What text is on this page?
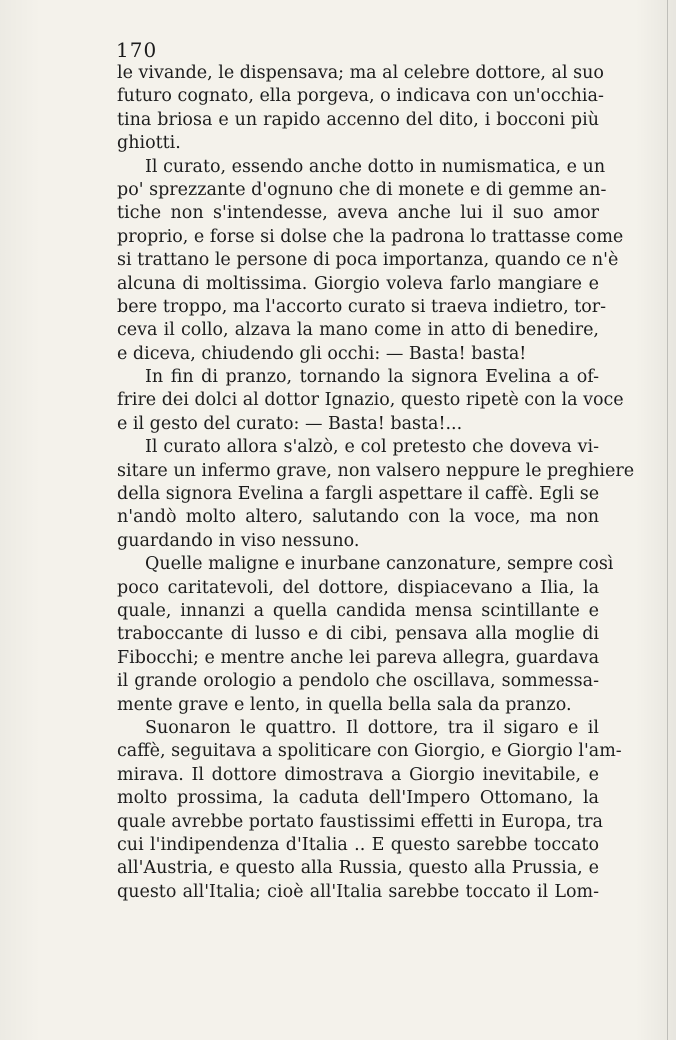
170
le vivande, le dispensava; ma al celebre dottore, al suo
futuro cognato, ella porgeva, o indicava con un'occhia-
tina briosa e un rapido accenno del dito, i bocconi più
ghiotti.
Il curato, essendo anche dotto in numismatica, e un
po' sprezzante d'ognuno che di monete e di gemme an-
tiche non s'intendesse, aveva anche lui il suo amor
proprio, e forse si dolse che la padrona lo trattasse come
si trattano le persone di poca importanza, quando ce n'è
alcuna di moltissima. Giorgio voleva farlo mangiare e
bere troppo, ma l'accorto curato si traeva indietro, tor-
ceva il collo, alzava la mano come in atto di benedire,
e diceva, chiudendo gli occhi: — Basta! basta!
In fin di pranzo, tornando la signora Evelina a of-
frire dei dolci al dottor Ignazio, questo ripetè con la voce
e il gesto del curato: — Basta! basta!...
Il curato allora s'alzò, e col pretesto che doveva vi-
sitare un infermo grave, non valsero neppure le preghiere
della signora Evelina a fargli aspettare il caffè. Egli se
n'andò molto altero, salutando con la voce, ma non
guardando in viso nessuno.
Quelle maligne e inurbane canzonature, sempre così
poco caritatevoli, del dottore, dispiacevano a Ilia, la
quale, innanzi a quella candida mensa scintillante e
traboccante di lusso e di cibi, pensava alla moglie di
Fibocchi; e mentre anche lei pareva allegra, guardava
il grande orologio a pendolo che oscillava, sommessa-
mente grave e lento, in quella bella sala da pranzo.
Suonaron le quattro. Il dottore, tra il sigaro e il
caffè, seguitava a spoliticare con Giorgio, e Giorgio l'am-
mirava. Il dottore dimostrava a Giorgio inevitabile, e
molto prossima, la caduta dell'Impero Ottomano, la
quale avrebbe portato faustissimi effetti in Europa, tra
cui l'indipendenza d'Italia .. E questo sarebbe toccato
all'Austria, e questo alla Russia, questo alla Prussia, e
questo all'Italia; cioè all'Italia sarebbe toccato il Lom-
